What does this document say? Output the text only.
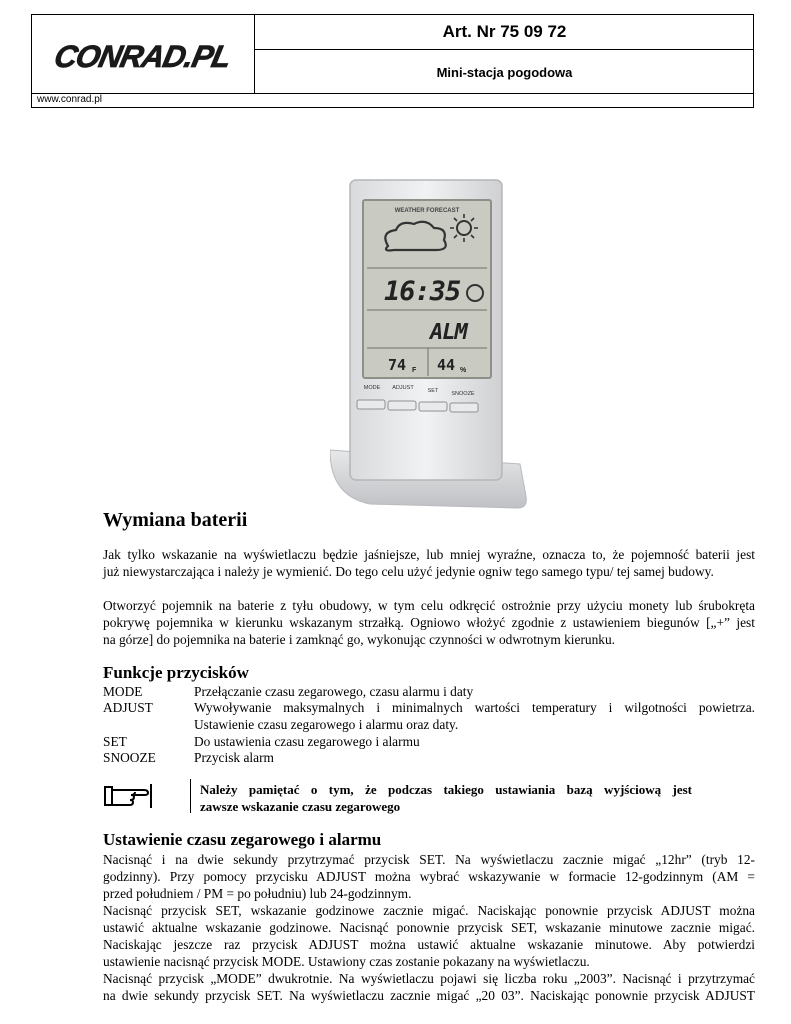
CONRAD.PL
Art. Nr 75 09 72
Mini-stacja pogodowa
www.conrad.pl
WEATHER FORECAST
16:35
ALM
74 F 44 %
MODE ADJUST	SET SNOOZE
Wymiana baterii
Jak tylko wskazanie na wyświetlaczu będzie jaśniejsze, lub mniej wyraźne, oznacza to, że pojemność baterii jest
już niewystarczająca i należy je wymienić. Do tego celu użyć jedynie ogniw tego samego typu/ tej samej budowy.
Otworzyć pojemnik na baterie z tyłu obudowy, w tym celu odkręcić ostrożnie przy użyciu monety lub śrubokręta
pokrywę pojemnika w kierunku wskazanym strzałką. Ogniowo włożyć zgodnie z ustawieniem biegunów [„+” jest
na górze] do pojemnika na baterie i zamknąć go, wykonując czynności w odwrotnym kierunku.
Funkcje przycisków
MODE	Przełączanie czasu zegarowego, czasu alarmu i daty
ADJUST	Wywoływanie maksymalnych i minimalnych wartości temperatury i wilgotności powietrza.
Ustawienie czasu zegarowego i alarmu oraz daty.
SET	Do ustawienia czasu zegarowego i alarmu
SNOOZE	Przycisk alarm
Należy pamiętać o tym, że podczas takiego ustawiania bazą wyjściową jest
zawsze wskazanie czasu zegarowego
Ustawienie czasu zegarowego i alarmu
Nacisnąć i na dwie sekundy przytrzymać przycisk SET. Na wyświetlaczu zacznie migać „12hr” (tryb 12-
godzinny). Przy pomocy przycisku ADJUST można wybrać wskazywanie w formacie 12-godzinnym (AM =
przed południem / PM = po południu) lub 24-godzinnym.
Nacisnąć przycisk SET, wskazanie godzinowe zacznie migać. Naciskając ponownie przycisk ADJUST można
ustawić aktualne wskazanie godzinowe. Nacisnąć ponownie przycisk SET, wskazanie minutowe zacznie migać.
Naciskając jeszcze raz przycisk ADJUST można ustawić aktualne wskazanie minutowe. Aby potwierdzi
ustawienie nacisnąć przycisk MODE. Ustawiony czas zostanie pokazany na wyświetlaczu.
Nacisnąć przycisk „MODE” dwukrotnie. Na wyświetlaczu pojawi się liczba roku „2003”. Nacisnąć i przytrzymać
na dwie sekundy przycisk SET. Na wyświetlaczu zacznie migać „20 03”. Naciskając ponownie przycisk ADJUST
